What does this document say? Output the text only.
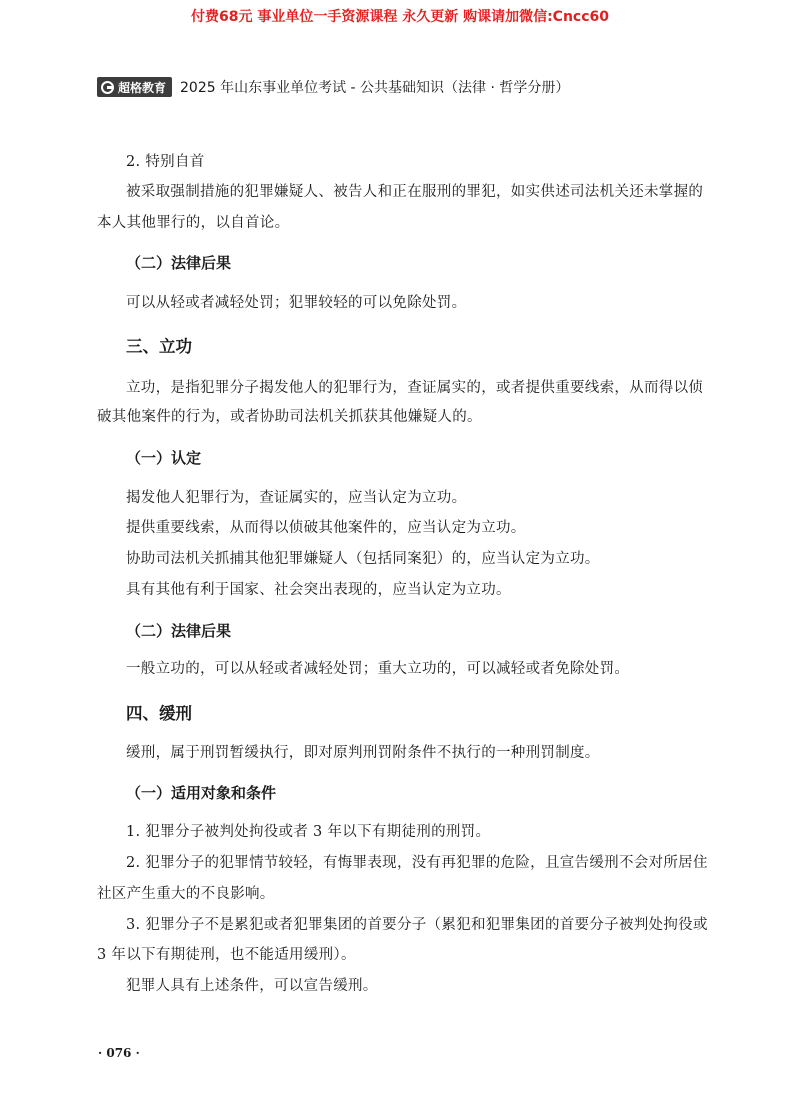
付费68元 事业单位一手资源课程 永久更新 购课请加微信:Cncc60
超格教育 2025 年山东事业单位考试 - 公共基础知识（法律 · 哲学分册）
2. 特别自首
被采取强制措施的犯罪嫌疑人、被告人和正在服刑的罪犯，如实供述司法机关还未掌握的
本人其他罪行的，以自首论。
（二）法律后果
可以从轻或者减轻处罚；犯罪较轻的可以免除处罚。
三、立功
立功，是指犯罪分子揭发他人的犯罪行为，查证属实的，或者提供重要线索，从而得以侦
破其他案件的行为，或者协助司法机关抓获其他嫌疑人的。
（一）认定
揭发他人犯罪行为，查证属实的，应当认定为立功。
提供重要线索，从而得以侦破其他案件的，应当认定为立功。
协助司法机关抓捕其他犯罪嫌疑人（包括同案犯）的，应当认定为立功。
具有其他有利于国家、社会突出表现的，应当认定为立功。
（二）法律后果
一般立功的，可以从轻或者减轻处罚；重大立功的，可以减轻或者免除处罚。
四、缓刑
缓刑，属于刑罚暂缓执行，即对原判刑罚附条件不执行的一种刑罚制度。
（一）适用对象和条件
1. 犯罪分子被判处拘役或者 3 年以下有期徒刑的刑罚。
2. 犯罪分子的犯罪情节较轻，有悔罪表现，没有再犯罪的危险，且宣告缓刑不会对所居住
社区产生重大的不良影响。
3. 犯罪分子不是累犯或者犯罪集团的首要分子（累犯和犯罪集团的首要分子被判处拘役或
3 年以下有期徒刑，也不能适用缓刑）。
犯罪人具有上述条件，可以宣告缓刑。
· 076 ·
